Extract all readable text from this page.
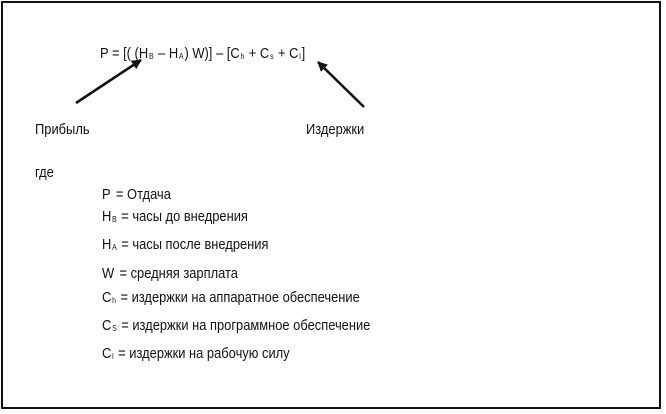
P = [( (HB – HA) W)] – [Ch + Cs + Cl]
Прибыль	Издержки
где
P = Отдача
HB = часы до внедрения
HA = часы после внедрения
W = средняя зарплата
Ch = издержки на аппаратное обеспечение
CS = издержки на программное обеспечение
Cl = издержки на рабочую силу
